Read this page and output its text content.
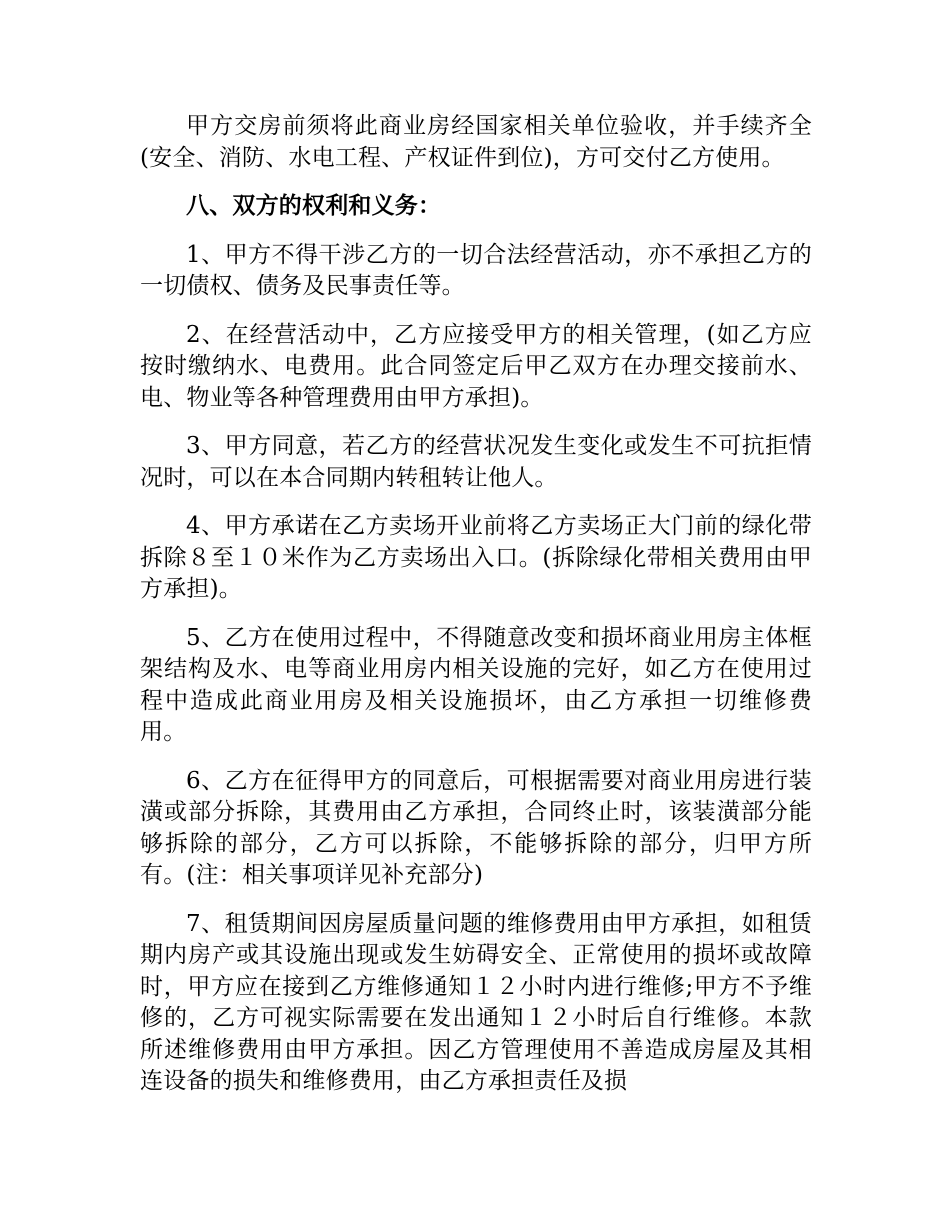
甲方交房前须将此商业房经国家相关单位验收，并手续齐全(安全、消防、水电工程、产权证件到位)，方可交付乙方使用。

八、双方的权利和义务：

1、甲方不得干涉乙方的一切合法经营活动，亦不承担乙方的一切债权、债务及民事责任等。

2、在经营活动中，乙方应接受甲方的相关管理，(如乙方应按时缴纳水、电费用。此合同签定后甲乙双方在办理交接前水、电、物业等各种管理费用由甲方承担)。

3、甲方同意，若乙方的经营状况发生变化或发生不可抗拒情况时，可以在本合同期内转租转让他人。

4、甲方承诺在乙方卖场开业前将乙方卖场正大门前的绿化带拆除８至１０米作为乙方卖场出入口。(拆除绿化带相关费用由甲方承担)。

5、乙方在使用过程中，不得随意改变和损坏商业用房主体框架结构及水、电等商业用房内相关设施的完好，如乙方在使用过程中造成此商业用房及相关设施损坏，由乙方承担一切维修费用。

6、乙方在征得甲方的同意后，可根据需要对商业用房进行装潢或部分拆除，其费用由乙方承担，合同终止时，该装潢部分能够拆除的部分，乙方可以拆除，不能够拆除的部分，归甲方所有。(注：相关事项详见补充部分)

7、租赁期间因房屋质量问题的维修费用由甲方承担，如租赁期内房产或其设施出现或发生妨碍安全、正常使用的损坏或故障时，甲方应在接到乙方维修通知１２小时内进行维修;甲方不予维修的，乙方可视实际需要在发出通知１２小时后自行维修。本款所述维修费用由甲方承担。因乙方管理使用不善造成房屋及其相连设备的损失和维修费用，由乙方承担责任及损
